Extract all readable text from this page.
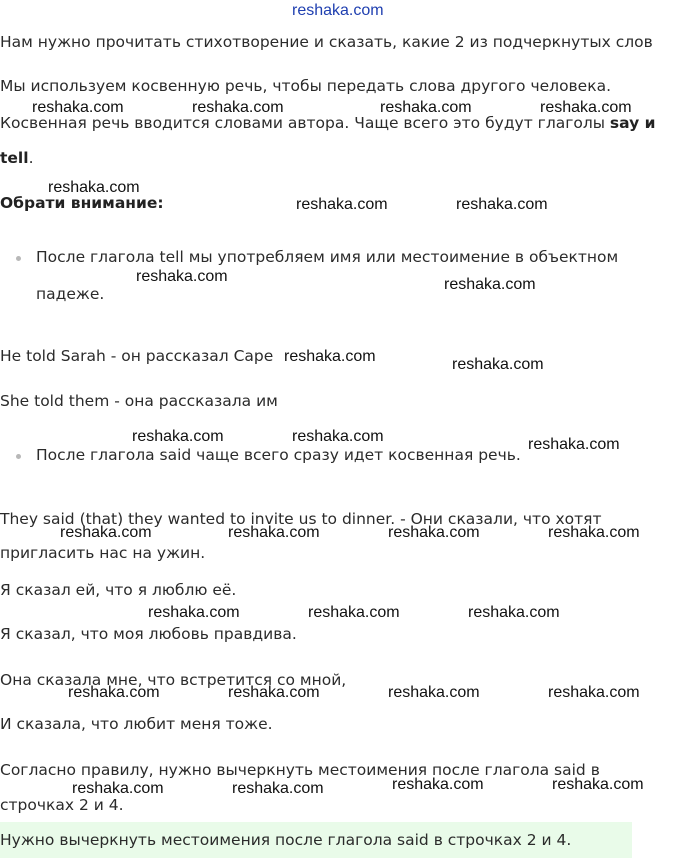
reshaka.com
Нам нужно прочитать стихотворение и сказать, какие 2 из подчеркнутых слов
Мы используем косвенную речь, чтобы передать слова другого человека.
Косвенная речь вводится словами автора. Чаще всего это будут глаголы say и
tell.
Обрати внимание:
После глагола tell мы употребляем имя или местоимение в объектном
падеже.
He told Sarah - он рассказал Саре
She told them - она рассказала им
После глагола said чаще всего сразу идет косвенная речь.
They said (that) they wanted to invite us to dinner. - Они сказали, что хотят
пригласить нас на ужин.
Я сказал ей, что я люблю её.
Я сказал, что моя любовь правдива.
Она сказала мне, что встретится со мной,
И сказала, что любит меня тоже.
Согласно правилу, нужно вычеркнуть местоимения после глагола said в
строчках 2 и 4.
Нужно вычеркнуть местоимения после глагола said в строчках 2 и 4.
reshaka.com	reshaka.com	reshaka.com	reshaka.com
reshaka.com
reshaka.com	reshaka.com
reshaka.com	reshaka.com
reshaka.com	reshaka.com
reshaka.com	reshaka.com	reshaka.com
reshaka.com	reshaka.com	reshaka.com	reshaka.com
reshaka.com	reshaka.com	reshaka.com
reshaka.com	reshaka.com	reshaka.com	reshaka.com
reshaka.com	reshaka.com	reshaka.com	reshaka.com
